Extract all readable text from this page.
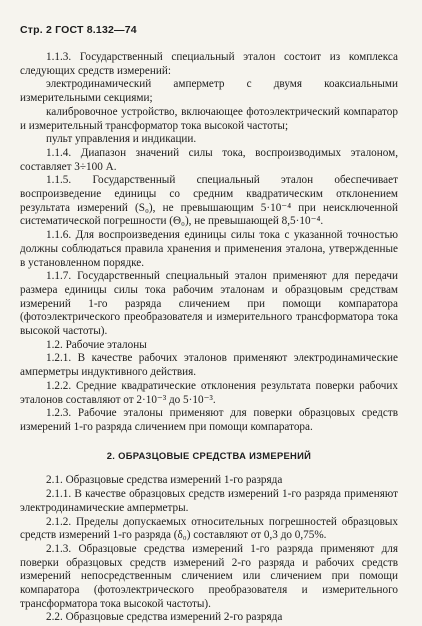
Стр. 2 ГОСТ 8.132—74

1.1.3. Государственный специальный эталон состоит из комплекса следующих средств измерений:

электродинамический амперметр с двумя коаксиальными измерительными секциями;

калибровочное устройство, включающее фотоэлектрический компаратор и измерительный трансформатор тока высокой частоты;

пульт управления и индикации.

1.1.4. Диапазон значений силы тока, воспроизводимых эталоном, составляет 3÷100 А.

1.1.5. Государственный специальный эталон обеспечивает воспроизведение единицы со средним квадратическим отклонением результата измерений (S₀), не превышающим 5·10⁻⁴ при неисключенной систематической погрешности (Θ₀), не превышающей 8,5·10⁻⁴.

1.1.6. Для воспроизведения единицы силы тока с указанной точностью должны соблюдаться правила хранения и применения эталона, утвержденные в установленном порядке.

1.1.7. Государственный специальный эталон применяют для передачи размера единицы силы тока рабочим эталонам и образцовым средствам измерений 1-го разряда сличением при помощи компаратора (фотоэлектрического преобразователя и измерительного трансформатора тока высокой частоты).

1.2. Рабочие эталоны

1.2.1. В качестве рабочих эталонов применяют электродинамические амперметры индуктивного действия.

1.2.2. Средние квадратические отклонения результата поверки рабочих эталонов составляют от 2·10⁻³ до 5·10⁻³.

1.2.3. Рабочие эталоны применяют для поверки образцовых средств измерений 1-го разряда сличением при помощи компаратора.

2. ОБРАЗЦОВЫЕ СРЕДСТВА ИЗМЕРЕНИЙ

2.1. Образцовые средства измерений 1-го разряда

2.1.1. В качестве образцовых средств измерений 1-го разряда применяют электродинамические амперметры.

2.1.2. Пределы допускаемых относительных погрешностей образцовых средств измерений 1-го разряда (δ₀) составляют от 0,3 до 0,75%.

2.1.3. Образцовые средства измерений 1-го разряда применяют для поверки образцовых средств измерений 2-го разряда и рабочих средств измерений непосредственным сличением или сличением при помощи компаратора (фотоэлектрического преобразователя и измерительного трансформатора тока высокой частоты).

2.2. Образцовые средства измерений 2-го разряда
